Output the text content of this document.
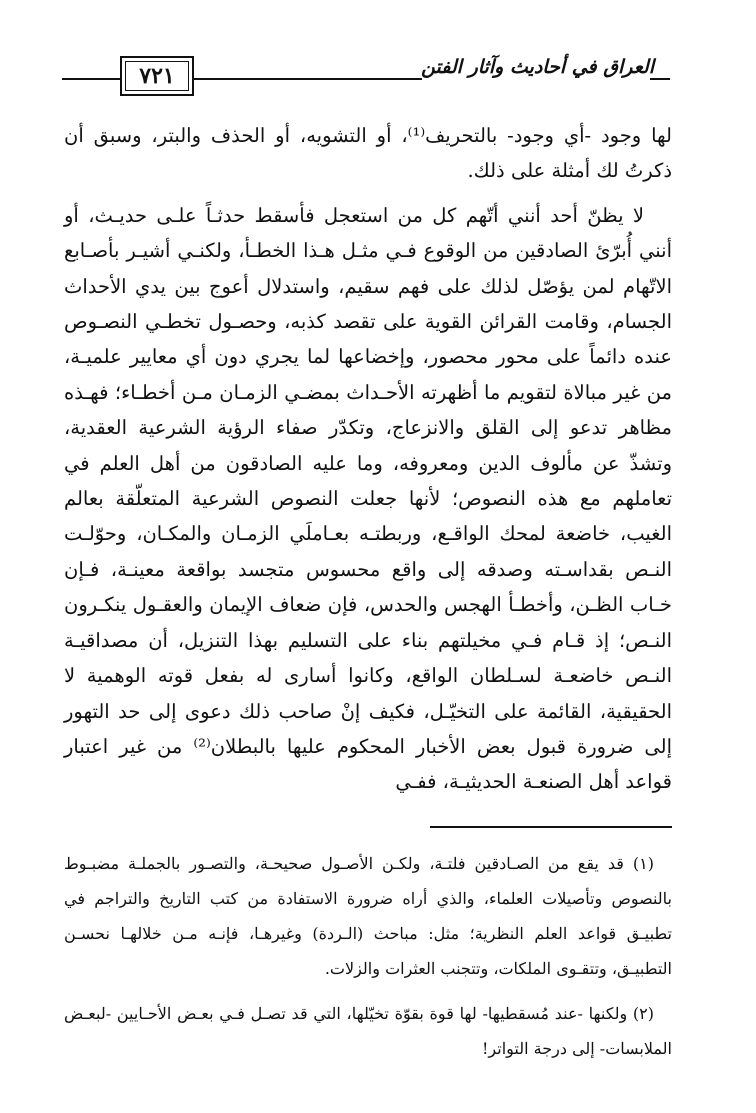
٧٢١	العراق في أحاديث وآثار الفتن

لها وجود -أي وجود- بالتحريف⁽¹⁾، أو التشويه، أو الحذف والبتر، وسبق أن ذكرتُ لك أمثلة على ذلك.

لا يظنّ أحد أنني أتّهم كل من استعجل فأسقط حدثـاً علـى حديـث، أو أنني أُبرّئ الصادقين من الوقوع فـي مثـل هـذا الخطـأ، ولكنـي أشيـر بأصـابع الاتّهام لمن يؤصّل لذلك على فهم سقيم، واستدلال أعوج بين يدي الأحداث الجسام، وقامت القرائن القوية على تقصد كذبه، وحصـول تخطـي النصـوص عنده دائماً على محور محصور، وإخضاعها لما يجري دون أي معايير علميـة، من غير مبالاة لتقويم ما أظهرته الأحـداث بمضـي الزمـان مـن أخطـاء؛ فهـذه مظاهر تدعو إلى القلق والانزعاج، وتكدّر صفاء الرؤية الشرعية العقدية، وتشذّ عن مألوف الدين ومعروفه، وما عليه الصادقون من أهل العلم في تعاملهم مع هذه النصوص؛ لأنها جعلت النصوص الشرعية المتعلّقة بعالم الغيب، خاضعة لمحك الواقـع، وربطتـه بعـاملَي الزمـان والمكـان، وحوّلـت النـص بقداسـته وصدقه إلى واقع محسوس متجسد بواقعة معينـة، فـإن خـاب الظـن، وأخطـأ الهجس والحدس، فإن ضعاف الإيمان والعقـول ينكـرون النـص؛ إذ قـام فـي مخيلتهم بناء على التسليم بهذا التنزيل، أن مصداقيـة النـص خاضعـة لسـلطان الواقع، وكانوا أسارى له بفعل قوته الوهمية لا الحقيقية، القائمة على التخيّـل، فكيف إنْ صاحب ذلك دعوى إلى حد التهور إلى ضرورة قبول بعض الأخبار المحكوم عليها بالبطلان⁽²⁾ من غير اعتبار قواعد أهل الصنعـة الحديثيـة، ففـي

(١) قد يقع من الصـادقين فلتـة، ولكـن الأصـول صحيحـة، والتصـور بالجملـة مضبـوط بالنصوص وتأصيلات العلماء، والذي أراه ضرورة الاستفادة من كتب التاريخ والتراجم في تطبيـق قواعد العلم النظرية؛ مثل: مباحث (الـردة) وغيرهـا، فإنـه مـن خلالهـا نحسـن التطبيـق، وتتقـوى الملكات، وتتجنب العثرات والزلات.

(٢) ولكنها -عند مُسقطيها- لها قوة بقوّة تخيّلها، التي قد تصـل فـي بعـض الأحـايين -لبعـض الملابسات- إلى درجة التواتر!
